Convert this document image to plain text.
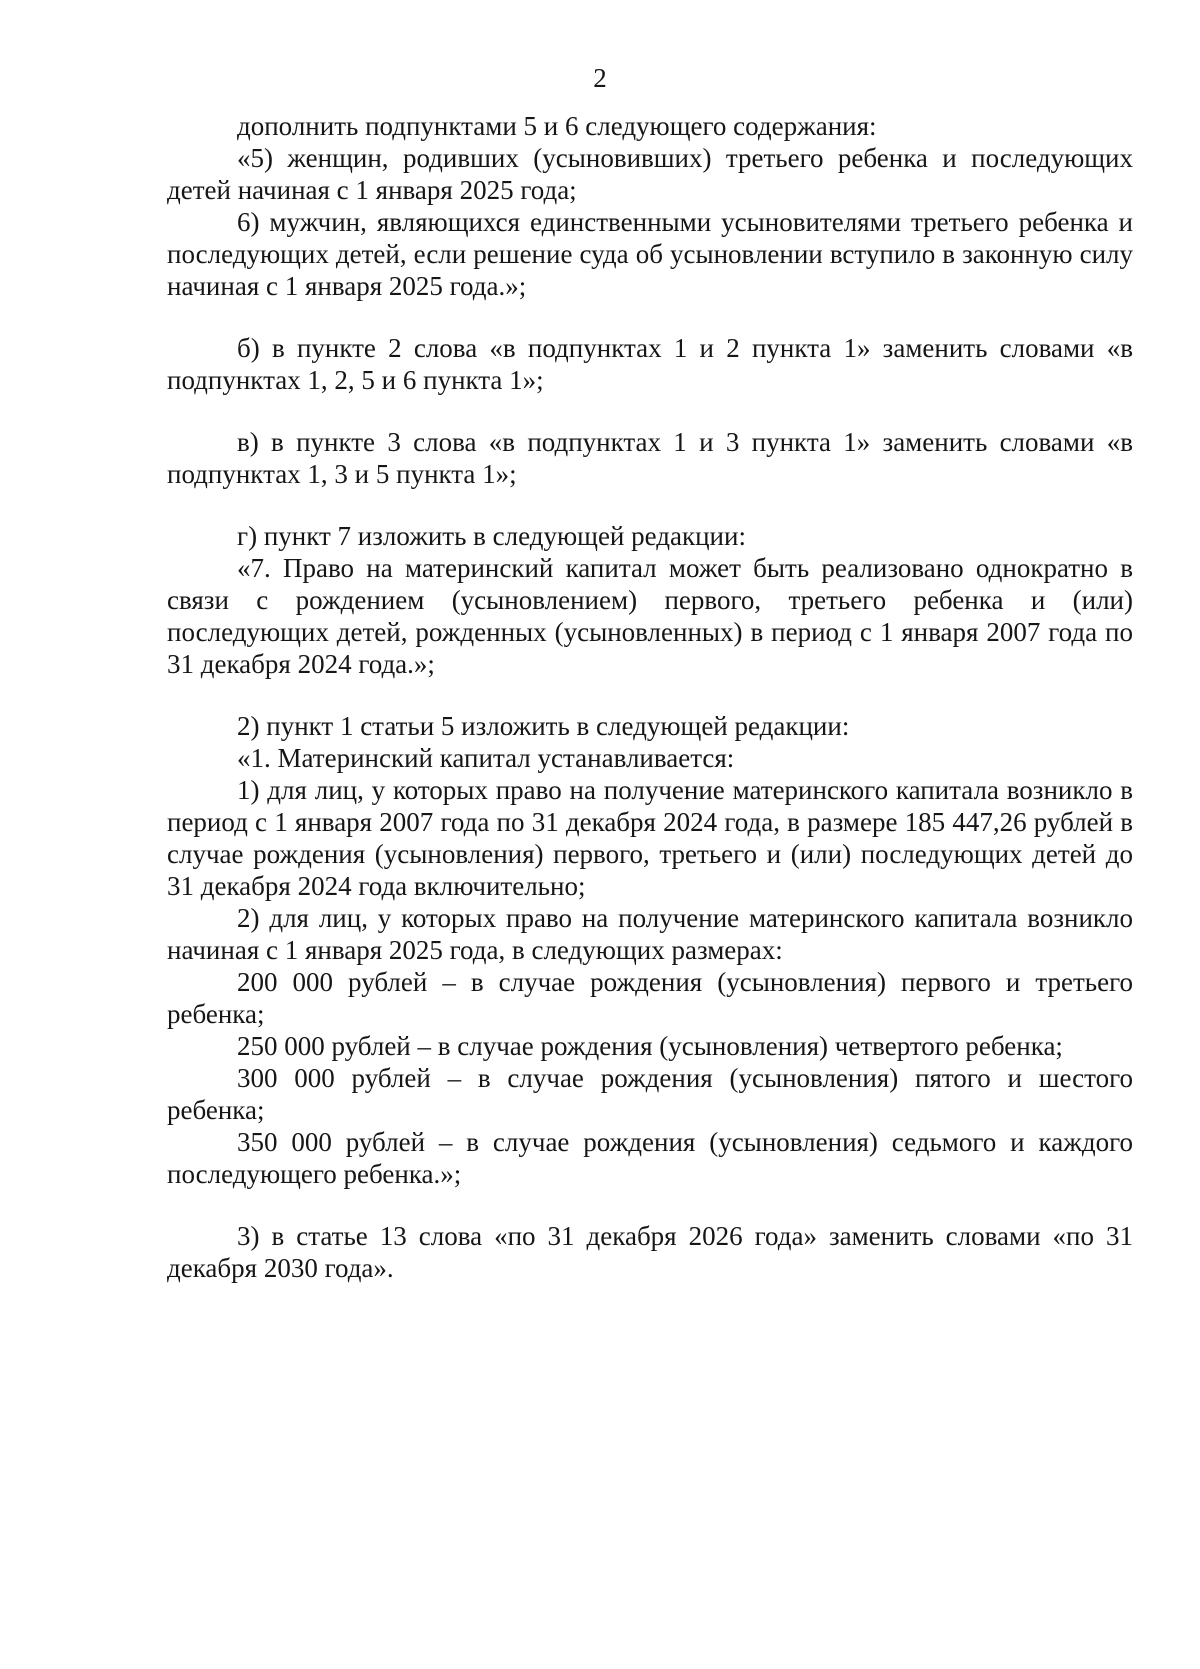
2

дополнить подпунктами 5 и 6 следующего содержания:

«5) женщин, родивших (усыновивших) третьего ребенка и последующих детей начиная с 1 января 2025 года;

6) мужчин, являющихся единственными усыновителями третьего ребенка и последующих детей, если решение суда об усыновлении вступило в законную силу начиная с 1 января 2025 года.»;

б) в пункте 2 слова «в подпунктах 1 и 2 пункта 1» заменить словами «в подпунктах 1, 2, 5 и 6 пункта 1»;

в) в пункте 3 слова «в подпунктах 1 и 3 пункта 1» заменить словами «в подпунктах 1, 3 и 5 пункта 1»;

г) пункт 7 изложить в следующей редакции:

«7. Право на материнский капитал может быть реализовано однократно в связи с рождением (усыновлением) первого, третьего ребенка и (или) последующих детей, рожденных (усыновленных) в период с 1 января 2007 года по 31 декабря 2024 года.»;

2) пункт 1 статьи 5 изложить в следующей редакции:

«1. Материнский капитал устанавливается:

1) для лиц, у которых право на получение материнского капитала возникло в период с 1 января 2007 года по 31 декабря 2024 года, в размере 185 447,26 рублей в случае рождения (усыновления) первого, третьего и (или) последующих детей до 31 декабря 2024 года включительно;

2) для лиц, у которых право на получение материнского капитала возникло начиная с 1 января 2025 года, в следующих размерах:

200 000 рублей – в случае рождения (усыновления) первого и третьего ребенка;

250 000 рублей – в случае рождения (усыновления) четвертого ребенка;

300 000 рублей – в случае рождения (усыновления) пятого и шестого ребенка;

350 000 рублей – в случае рождения (усыновления) седьмого и каждого последующего ребенка.»;

3) в статье 13 слова «по 31 декабря 2026 года» заменить словами «по 31 декабря 2030 года».
